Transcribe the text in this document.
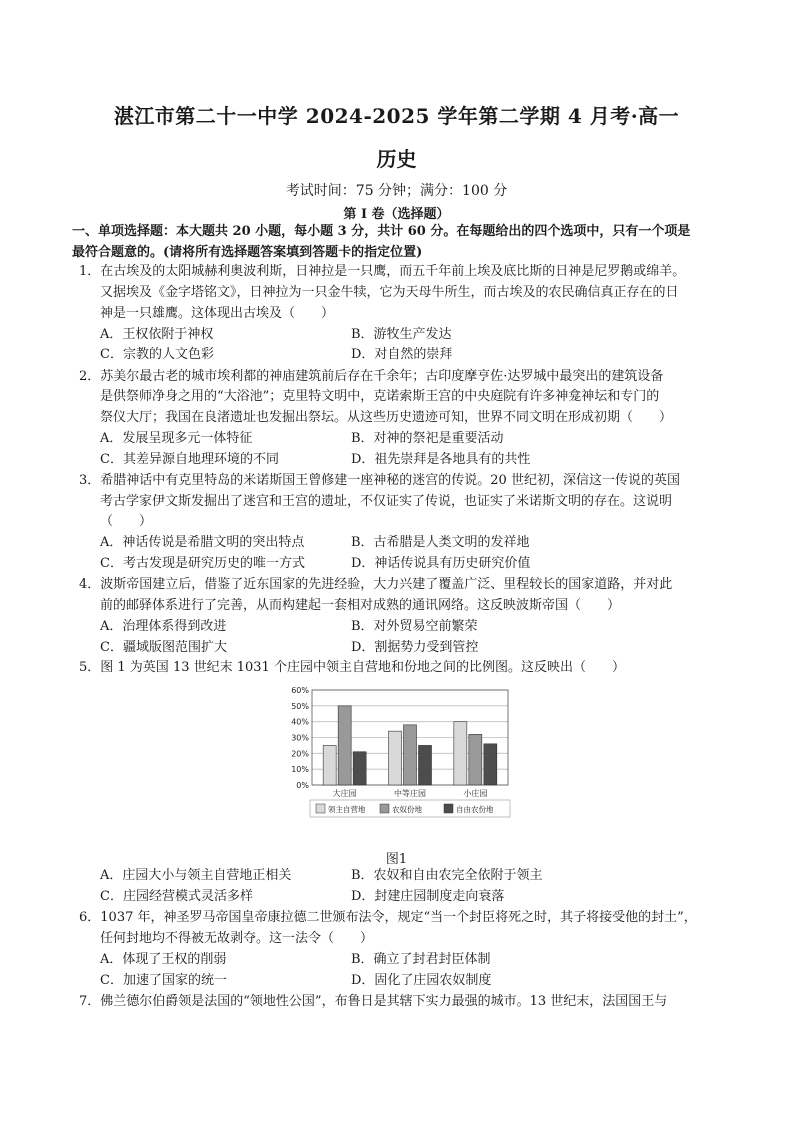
湛江市第二十一中学 2024-2025 学年第二学期 4 月考·高一
历史
考试时间：75 分钟；满分：100 分
第 I 卷（选择题）
一、单项选择题：本大题共 20 小题，每小题 3 分，共计 60 分。在每题给出的四个选项中，只有一个项是
最符合题意的。(请将所有选择题答案填到答题卡的指定位置)
1．在古埃及的太阳城赫利奥波利斯，日神拉是一只鹰，而五千年前上埃及底比斯的日神是尼罗鹅或绵羊。
又据埃及《金字塔铭文》，日神拉为一只金牛犊，它为天母牛所生，而古埃及的农民确信真正存在的日
神是一只雄鹰。这体现出古埃及（　　）
A．王权依附于神权	B．游牧生产发达
C．宗教的人文色彩	D．对自然的崇拜
2．苏美尔最古老的城市埃利都的神庙建筑前后存在千余年；古印度摩亨佐·达罗城中最突出的建筑设备
是供祭师净身之用的“大浴池”；克里特文明中，克诺索斯王宫的中央庭院有许多神龛神坛和专门的
祭仪大厅；我国在良渚遗址也发掘出祭坛。从这些历史遗迹可知，世界不同文明在形成初期（　　）
A．发展呈现多元一体特征	B．对神的祭祀是重要活动
C．其差异源自地理环境的不同	D．祖先崇拜是各地具有的共性
3．希腊神话中有克里特岛的米诺斯国王曾修建一座神秘的迷宫的传说。20 世纪初，深信这一传说的英国
考古学家伊文斯发掘出了迷宫和王宫的遗址，不仅证实了传说，也证实了米诺斯文明的存在。这说明
（　　）
A．神话传说是希腊文明的突出特点	B．古希腊是人类文明的发祥地
C．考古发现是研究历史的唯一方式	D．神话传说具有历史研究价值
4．波斯帝国建立后，借鉴了近东国家的先进经验，大力兴建了覆盖广泛、里程较长的国家道路，并对此
前的邮驿体系进行了完善，从而构建起一套相对成熟的通讯网络。这反映波斯帝国（　　）
A．治理体系得到改进	B．对外贸易空前繁荣
C．疆域版图范围扩大	D．割据势力受到管控
5．图 1 为英国 13 世纪末 1031 个庄园中领主自营地和份地之间的比例图。这反映出（　　）
0%
10%
20%
30%
40%
50%
60%
大庄园	中等庄园	小庄园
领主自营地	农奴份地	自由农份地
图1
A．庄园大小与领主自营地正相关	B．农奴和自由农完全依附于领主
C．庄园经营模式灵活多样	D．封建庄园制度走向衰落
6．1037 年，神圣罗马帝国皇帝康拉德二世颁布法令，规定“当一个封臣将死之时，其子将接受他的封土”，
任何封地均不得被无故剥夺。这一法令（　　）
A．体现了王权的削弱	B．确立了封君封臣体制
C．加速了国家的统一	D．固化了庄园农奴制度
7．佛兰德尔伯爵领是法国的“领地性公国”，布鲁日是其辖下实力最强的城市。13 世纪末，法国国王与
